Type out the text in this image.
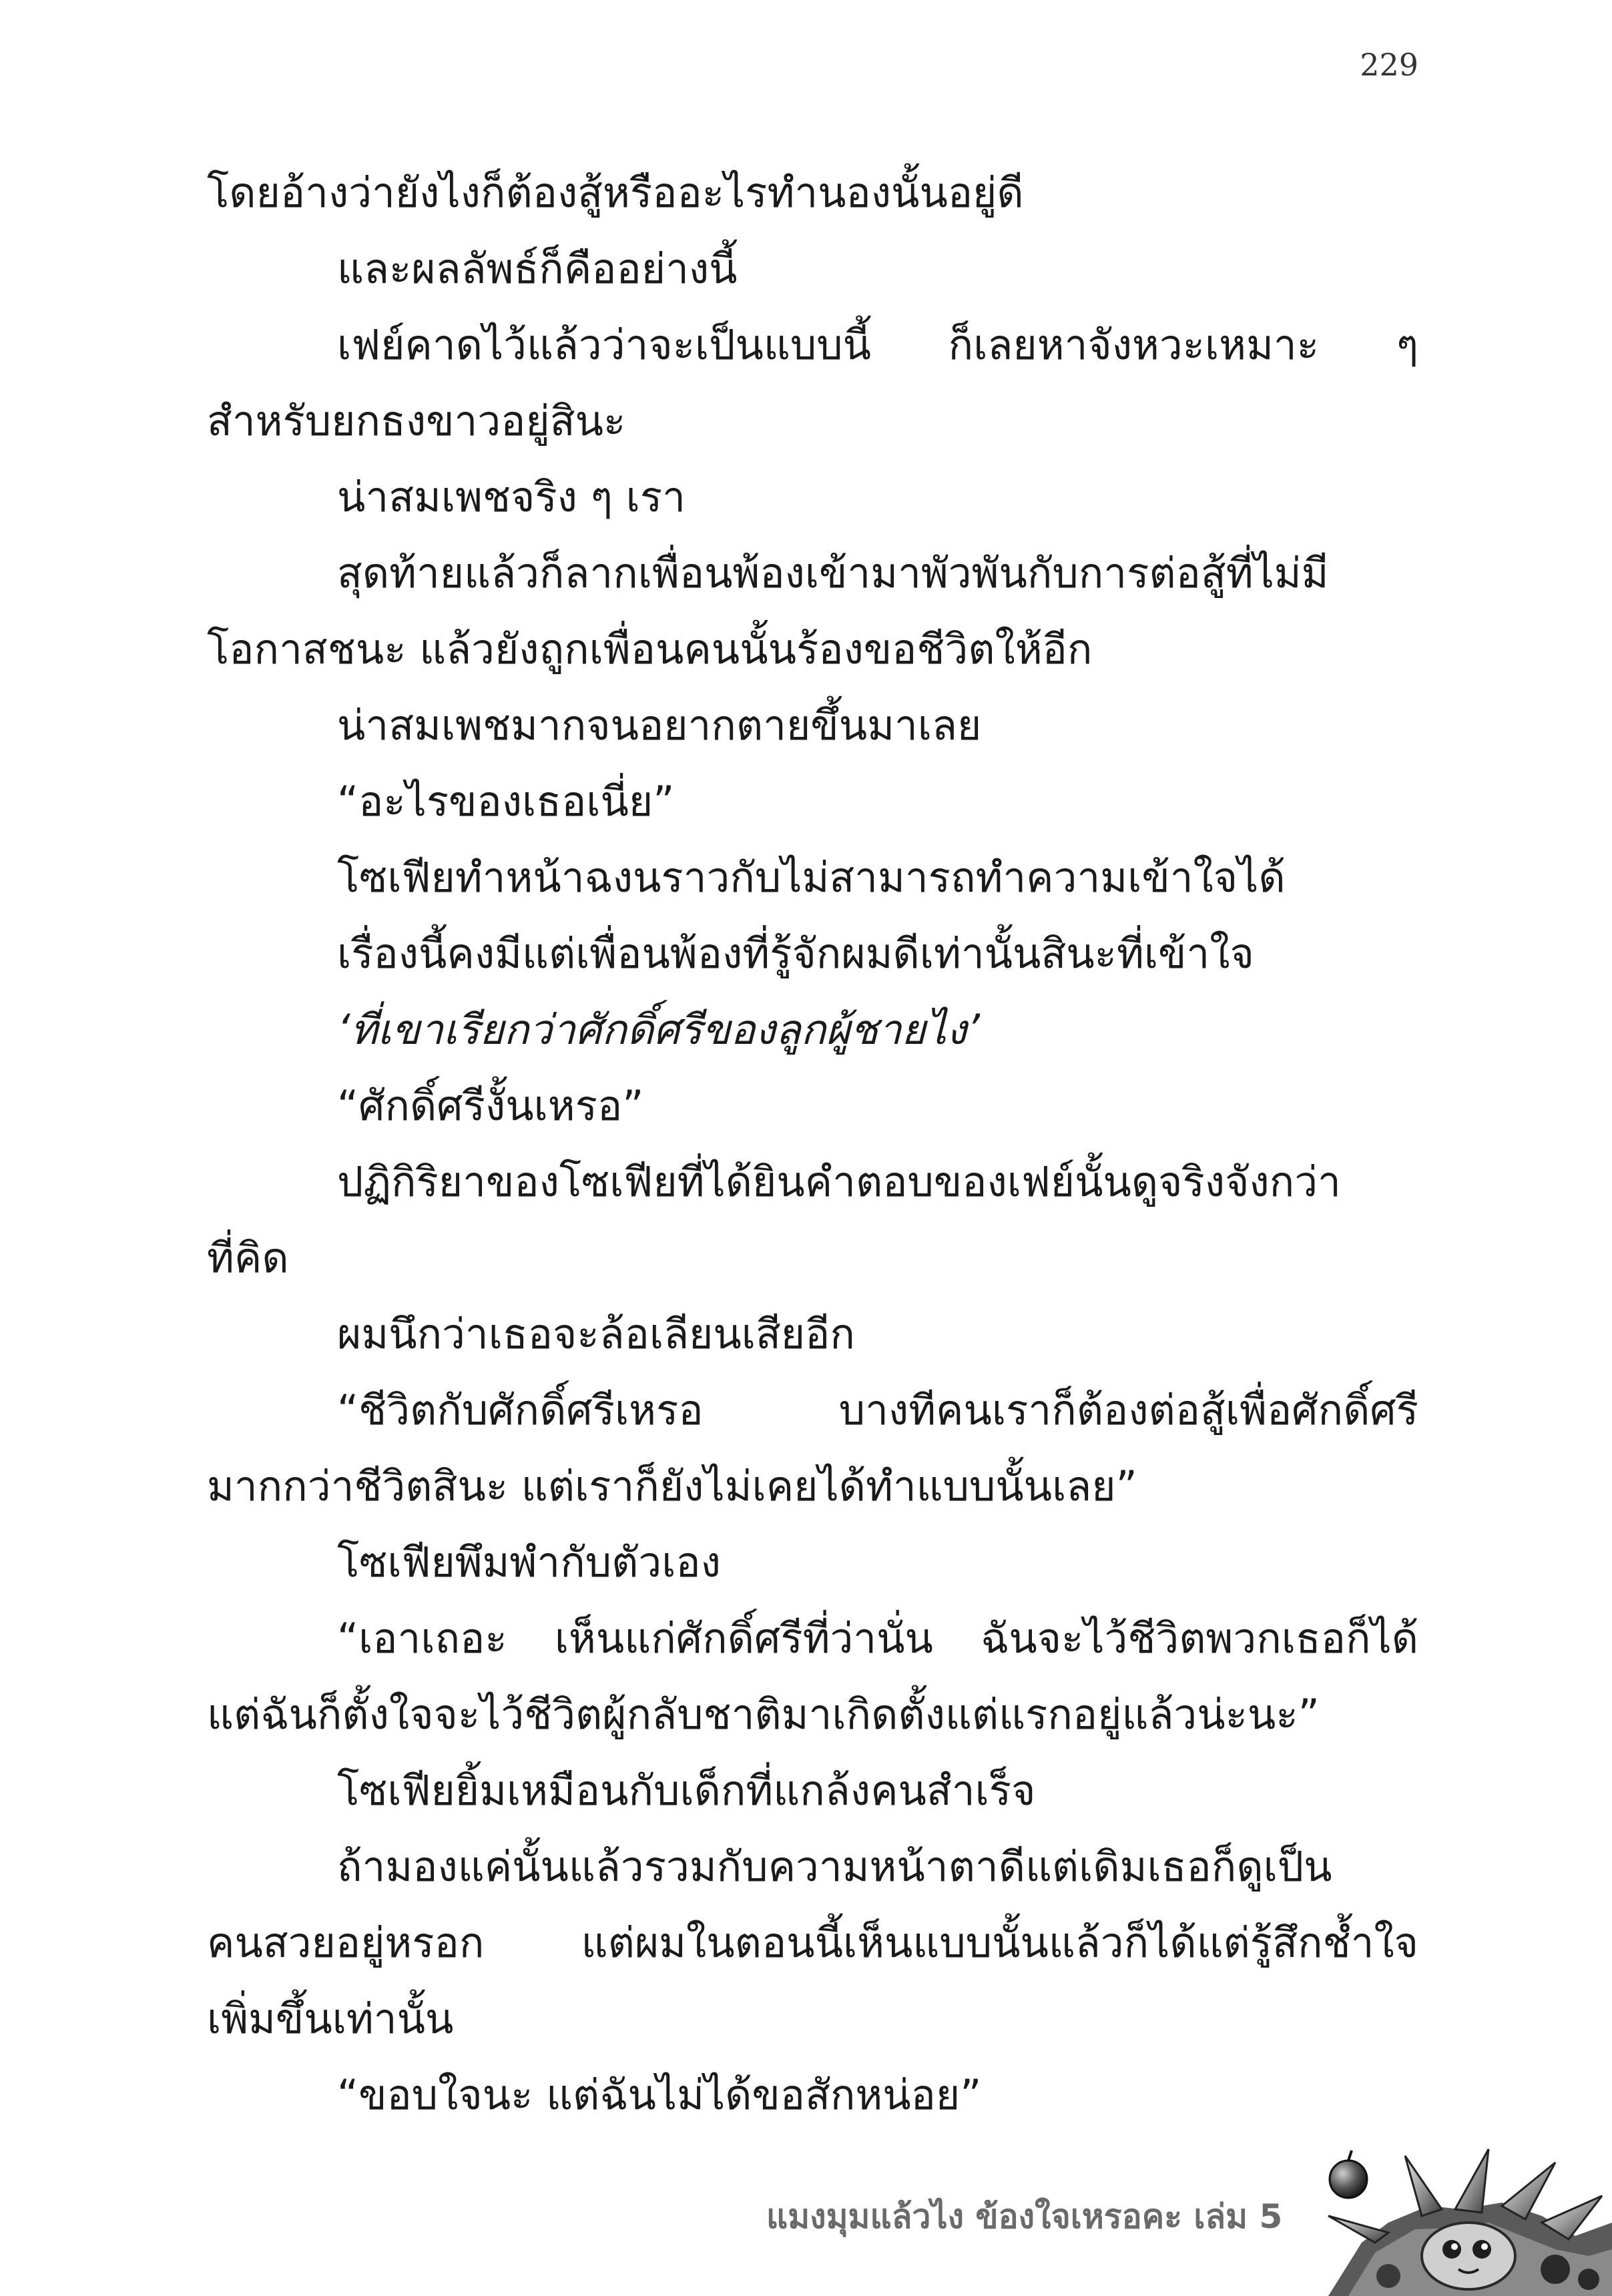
229
โดยอ้างว่ายังไงก็ต้องสู้หรืออะไรทำนองนั้นอยู่ดี
และผลลัพธ์ก็คืออย่างนี้
เฟย์คาดไว้แล้วว่าจะเป็นแบบนี้ ก็เลยหาจังหวะเหมาะ ๆ
สำหรับยกธงขาวอยู่สินะ
น่าสมเพชจริง ๆ เรา
สุดท้ายแล้วก็ลากเพื่อนพ้องเข้ามาพัวพันกับการต่อสู้ที่ไม่มี
โอกาสชนะ แล้วยังถูกเพื่อนคนนั้นร้องขอชีวิตให้อีก
น่าสมเพชมากจนอยากตายขึ้นมาเลย
“อะไรของเธอเนี่ย”
โซเฟียทำหน้าฉงนราวกับไม่สามารถทำความเข้าใจได้
เรื่องนี้คงมีแต่เพื่อนพ้องที่รู้จักผมดีเท่านั้นสินะที่เข้าใจ
‘ที่เขาเรียกว่าศักดิ์ศรีของลูกผู้ชายไง’
“ศักดิ์ศรีงั้นเหรอ”
ปฏิกิริยาของโซเฟียที่ได้ยินคำตอบของเฟย์นั้นดูจริงจังกว่า
ที่คิด
ผมนึกว่าเธอจะล้อเลียนเสียอีก
“ชีวิตกับศักดิ์ศรีเหรอ บางทีคนเราก็ต้องต่อสู้เพื่อศักดิ์ศรี
มากกว่าชีวิตสินะ แต่เราก็ยังไม่เคยได้ทำแบบนั้นเลย”
โซเฟียพึมพำกับตัวเอง
“เอาเถอะ เห็นแก่ศักดิ์ศรีที่ว่านั่น ฉันจะไว้ชีวิตพวกเธอก็ได้
แต่ฉันก็ตั้งใจจะไว้ชีวิตผู้กลับชาติมาเกิดตั้งแต่แรกอยู่แล้วน่ะนะ”
โซเฟียยิ้มเหมือนกับเด็กที่แกล้งคนสำเร็จ
ถ้ามองแค่นั้นแล้วรวมกับความหน้าตาดีแต่เดิมเธอก็ดูเป็น
คนสวยอยู่หรอก แต่ผมในตอนนี้เห็นแบบนั้นแล้วก็ได้แต่รู้สึกช้ำใจ
เพิ่มขึ้นเท่านั้น
“ขอบใจนะ แต่ฉันไม่ได้ขอสักหน่อย”
แมงมุมแล้วไง ข้องใจเหรอคะ เล่ม 5
